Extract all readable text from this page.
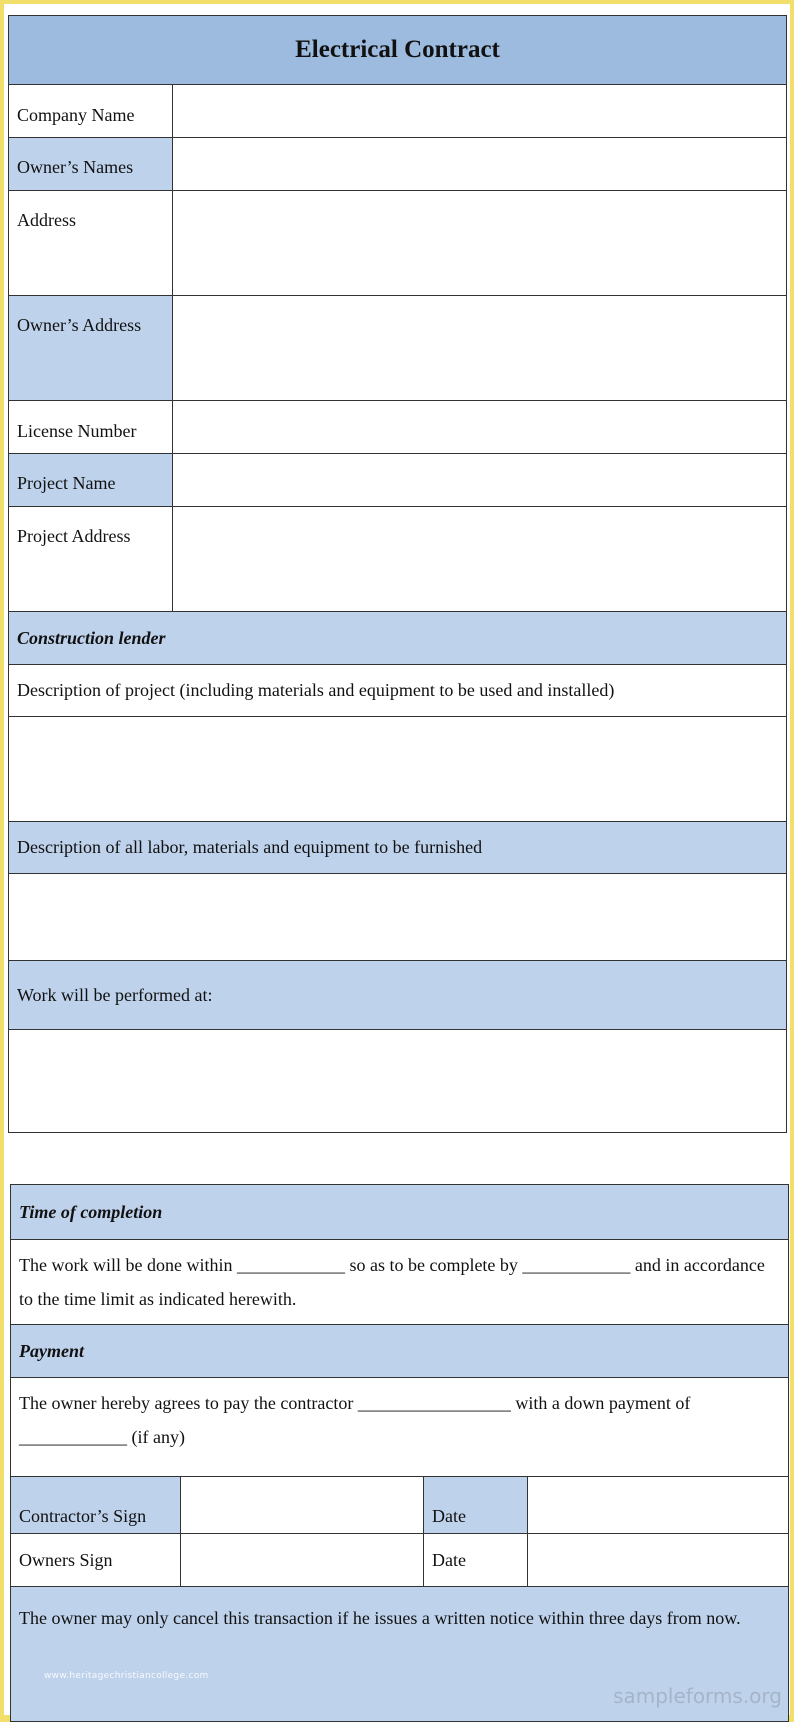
Electrical Contract	

Company Name	

Owner’s Names	

Address	

Owner’s Address	

License Number	

Project Name	

Project Address	

Construction lender	
Description of project (including materials and equipment to be used and installed)	

Description of all labor, materials and equipment to be furnished	

Work will be performed at:	

Time of completion			
The work will be done within ____________ so as to be complete by ____________ and in accordance to the time limit as indicated herewith.			
Payment			
The owner hereby agrees to pay the contractor _________________ with a down payment of ____________ (if any)			
Contractor’s Sign		Date	
Owners Sign		Date	
The owner may only cancel this transaction if he issues a written notice within three days from now.			
www.heritagechristiancollege.com
sampleforms.org
